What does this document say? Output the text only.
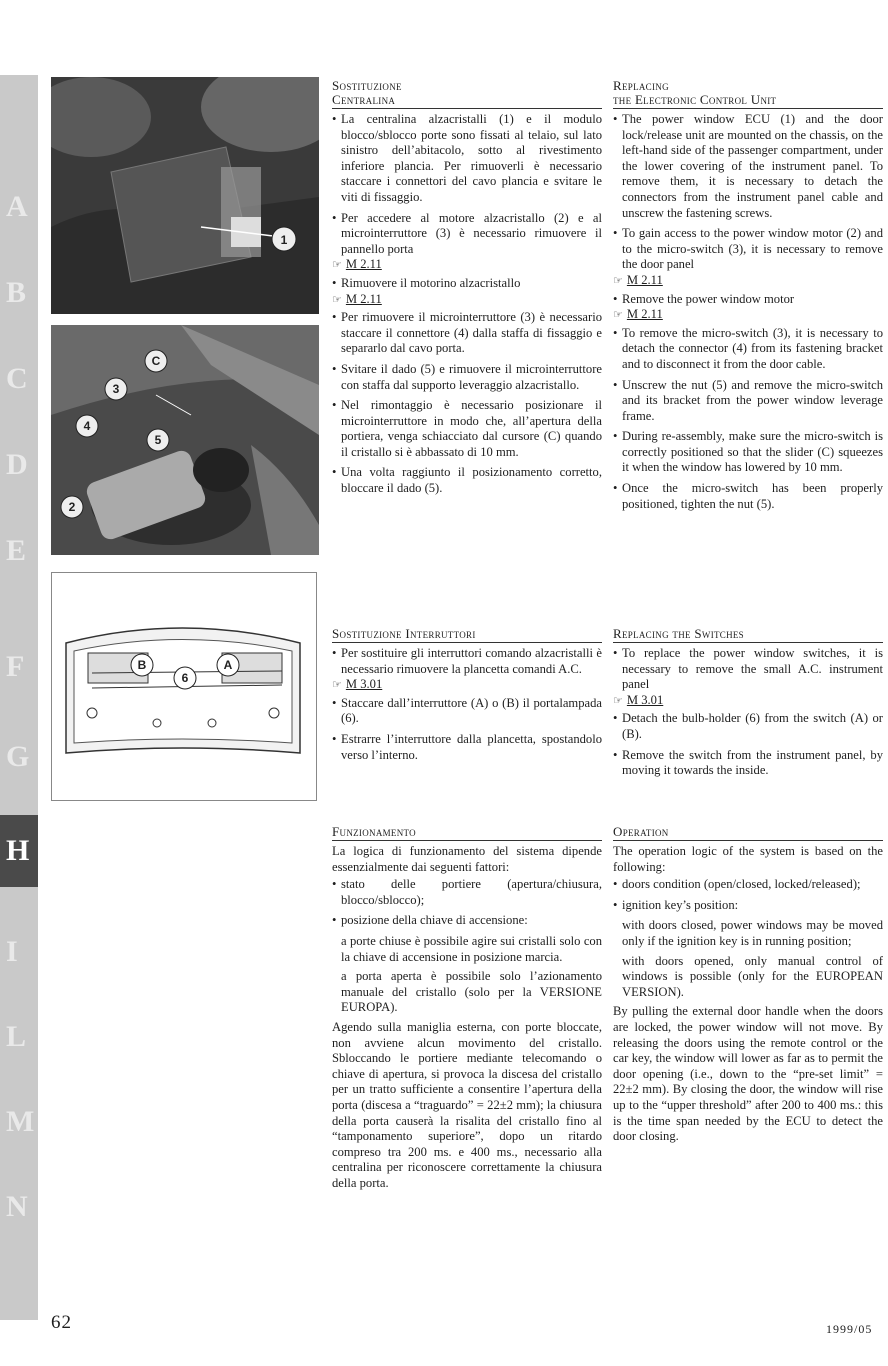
A
B
C
D
E
F
G
H
I
L
M
N
1
C
3
4
5
2
B	A
6
Sostituzione
Centralina

• La centralina alzacristalli (1) e il modulo blocco/sblocco porte sono fissati al telaio, sul lato sinistro dell’abitacolo, sotto al rivestimento inferiore plancia. Per rimuoverli è necessario staccare i connettori del cavo plancia e svitare le viti di fissaggio.

• Per accedere al motore alzacristallo (2) e al microinterruttore (3) è necessario rimuovere il pannello porta

☞ M 2.11

• Rimuovere il motorino alzacristallo

☞ M 2.11

• Per rimuovere il microinterruttore (3) è necessario staccare il connettore (4) dalla staffa di fissaggio e separarlo dal cavo porta.

• Svitare il dado (5) e rimuovere il microinterruttore con staffa dal supporto leveraggio alzacristallo.

• Nel rimontaggio è necessario posizionare il microinterruttore in modo che, all’apertura della portiera, venga schiacciato dal cursore (C) quando il cristallo si è abbassato di 10 mm.

• Una volta raggiunto il posizionamento corretto, bloccare il dado (5).

Replacing
the Electronic Control Unit

• The power window ECU (1) and the door lock/release unit are mounted on the chassis, on the left-hand side of the passenger compartment, under the lower covering of the instrument panel. To remove them, it is necessary to detach the connectors from the instrument panel cable and unscrew the fastening screws.

• To gain access to the power window motor (2) and to the micro-switch (3), it is necessary to remove the door panel

☞ M 2.11

• Remove the power window motor

☞ M 2.11

• To remove the micro-switch (3), it is necessary to detach the connector (4) from its fastening bracket and to disconnect it from the door cable.

• Unscrew the nut (5) and remove the micro-switch and its bracket from the power window leverage frame.

• During re-assembly, make sure the micro-switch is correctly positioned so that the slider (C) squeezes it when the window has lowered by 10 mm.

• Once the micro-switch has been properly positioned, tighten the nut (5).

Sostituzione Interruttori

• Per sostituire gli interruttori comando alzacristalli è necessario rimuovere la plancetta comandi A.C.

☞ M 3.01

• Staccare dall’interruttore (A) o (B) il portalampada (6).

• Estrarre l’interruttore dalla plancetta, spostandolo verso l’interno.

Replacing the Switches

• To replace the power window switches, it is necessary to remove the small A.C. instrument panel

☞ M 3.01

• Detach the bulb-holder (6) from the switch (A) or (B).

• Remove the switch from the instrument panel, by moving it towards the inside.

Funzionamento

La logica di funzionamento del sistema dipende essenzialmente dai seguenti fattori:

• stato delle portiere (apertura/chiusura, blocco/sblocco);

• posizione della chiave di accensione:

a porte chiuse è possibile agire sui cristalli solo con la chiave di accensione in posizione marcia.

a porta aperta è possibile solo l’azionamento manuale del cristallo (solo per la VERSIONE EUROPA).

Agendo sulla maniglia esterna, con porte bloccate, non avviene alcun movimento del cristallo. Sbloccando le portiere mediante telecomando o chiave di apertura, si provoca la discesa del cristallo per un tratto sufficiente a consentire l’apertura della porta (discesa a “traguardo” = 22±2 mm); la chiusura della porta causerà la risalita del cristallo fino al “tamponamento superiore”, dopo un ritardo compreso tra 200 ms. e 400 ms., necessario alla centralina per riconoscere correttamente la chiusura della porta.

Operation

The operation logic of the system is based on the following:

• doors condition (open/closed, locked/released);

• ignition key’s position:

with doors closed, power windows may be moved only if the ignition key is in running position;

with doors opened, only manual control of windows is possible (only for the EUROPEAN VERSION).

By pulling the external door handle when the doors are locked, the power window will not move. By releasing the doors using the remote control or the car key, the window will lower as far as to permit the door opening (i.e., down to the “pre-set limit” = 22±2 mm). By closing the door, the window will rise up to the “upper threshold” after 200 to 400 ms.: this is the time span needed by the ECU to detect the door closing.

62	1999/05
